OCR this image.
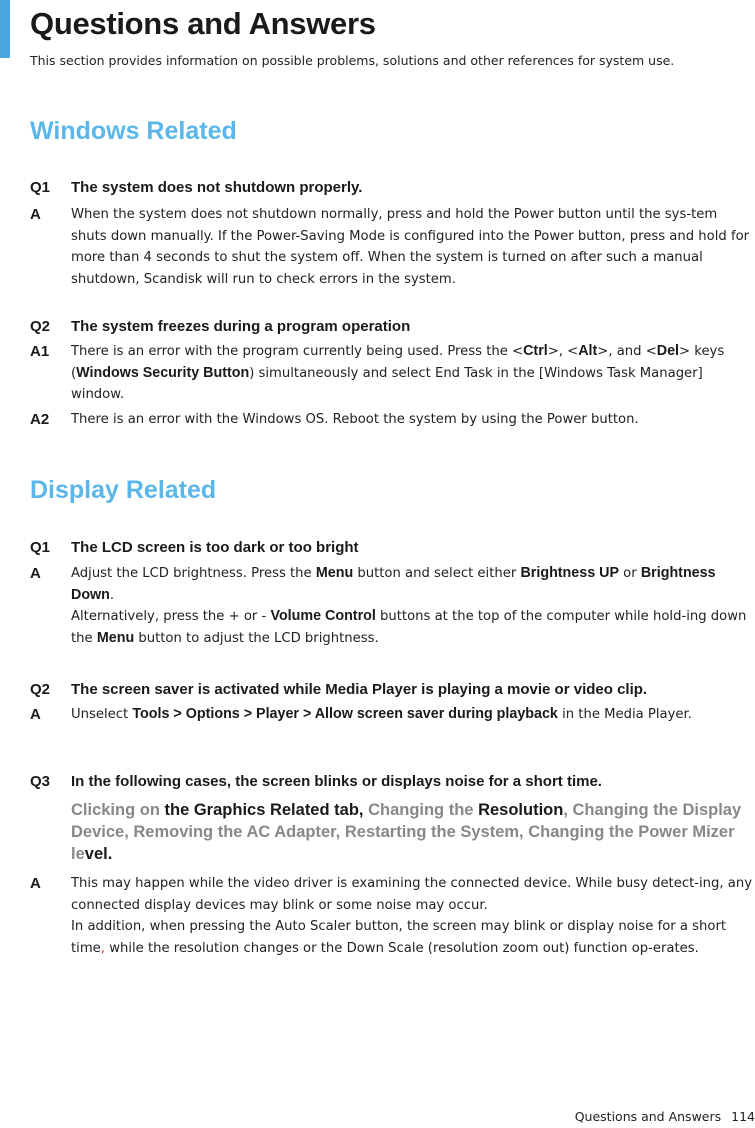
Questions and Answers
This section provides information on possible problems, solutions and other references for system use.
Windows Related
Q1 The system does not shutdown properly.
A When the system does not shutdown normally, press and hold the Power button until the sys-tem shuts down manually. If the Power-Saving Mode is configured into the Power button, press and hold for more than 4 seconds to shut the system off. When the system is turned on after such a manual shutdown, Scandisk will run to check errors in the system.
Q2 The system freezes during a program operation
A1 There is an error with the program currently being used. Press the <Ctrl>, <Alt>, and <Del> keys (Windows Security Button) simultaneously and select End Task in the [Windows Task Manager] window.
A2 There is an error with the Windows OS. Reboot the system by using the Power button.
Display Related
Q1 The LCD screen is too dark or too bright
A Adjust the LCD brightness. Press the Menu button and select either Brightness UP or Brightness Down.
Alternatively, press the + or - Volume Control buttons at the top of the computer while hold-ing down the Menu button to adjust the LCD brightness.
Q2 The screen saver is activated while Media Player is playing a movie or video clip.
A Unselect Tools > Options > Player > Allow screen saver during playback in the Media Player.
Q3 In the following cases, the screen blinks or displays noise for a short time.
Clicking on the Graphics Related tab, Changing the Resolution, Changing the Display Device, Removing the AC Adapter, Restarting the System, Changing the Power Mizer level.
A This may happen while the video driver is examining the connected device. While busy detect-ing, any connected display devices may blink or some noise may occur.
In addition, when pressing the Auto Scaler button, the screen may blink or display noise for a short time, while the resolution changes or the Down Scale (resolution zoom out) function op-erates.
Questions and Answers 114
